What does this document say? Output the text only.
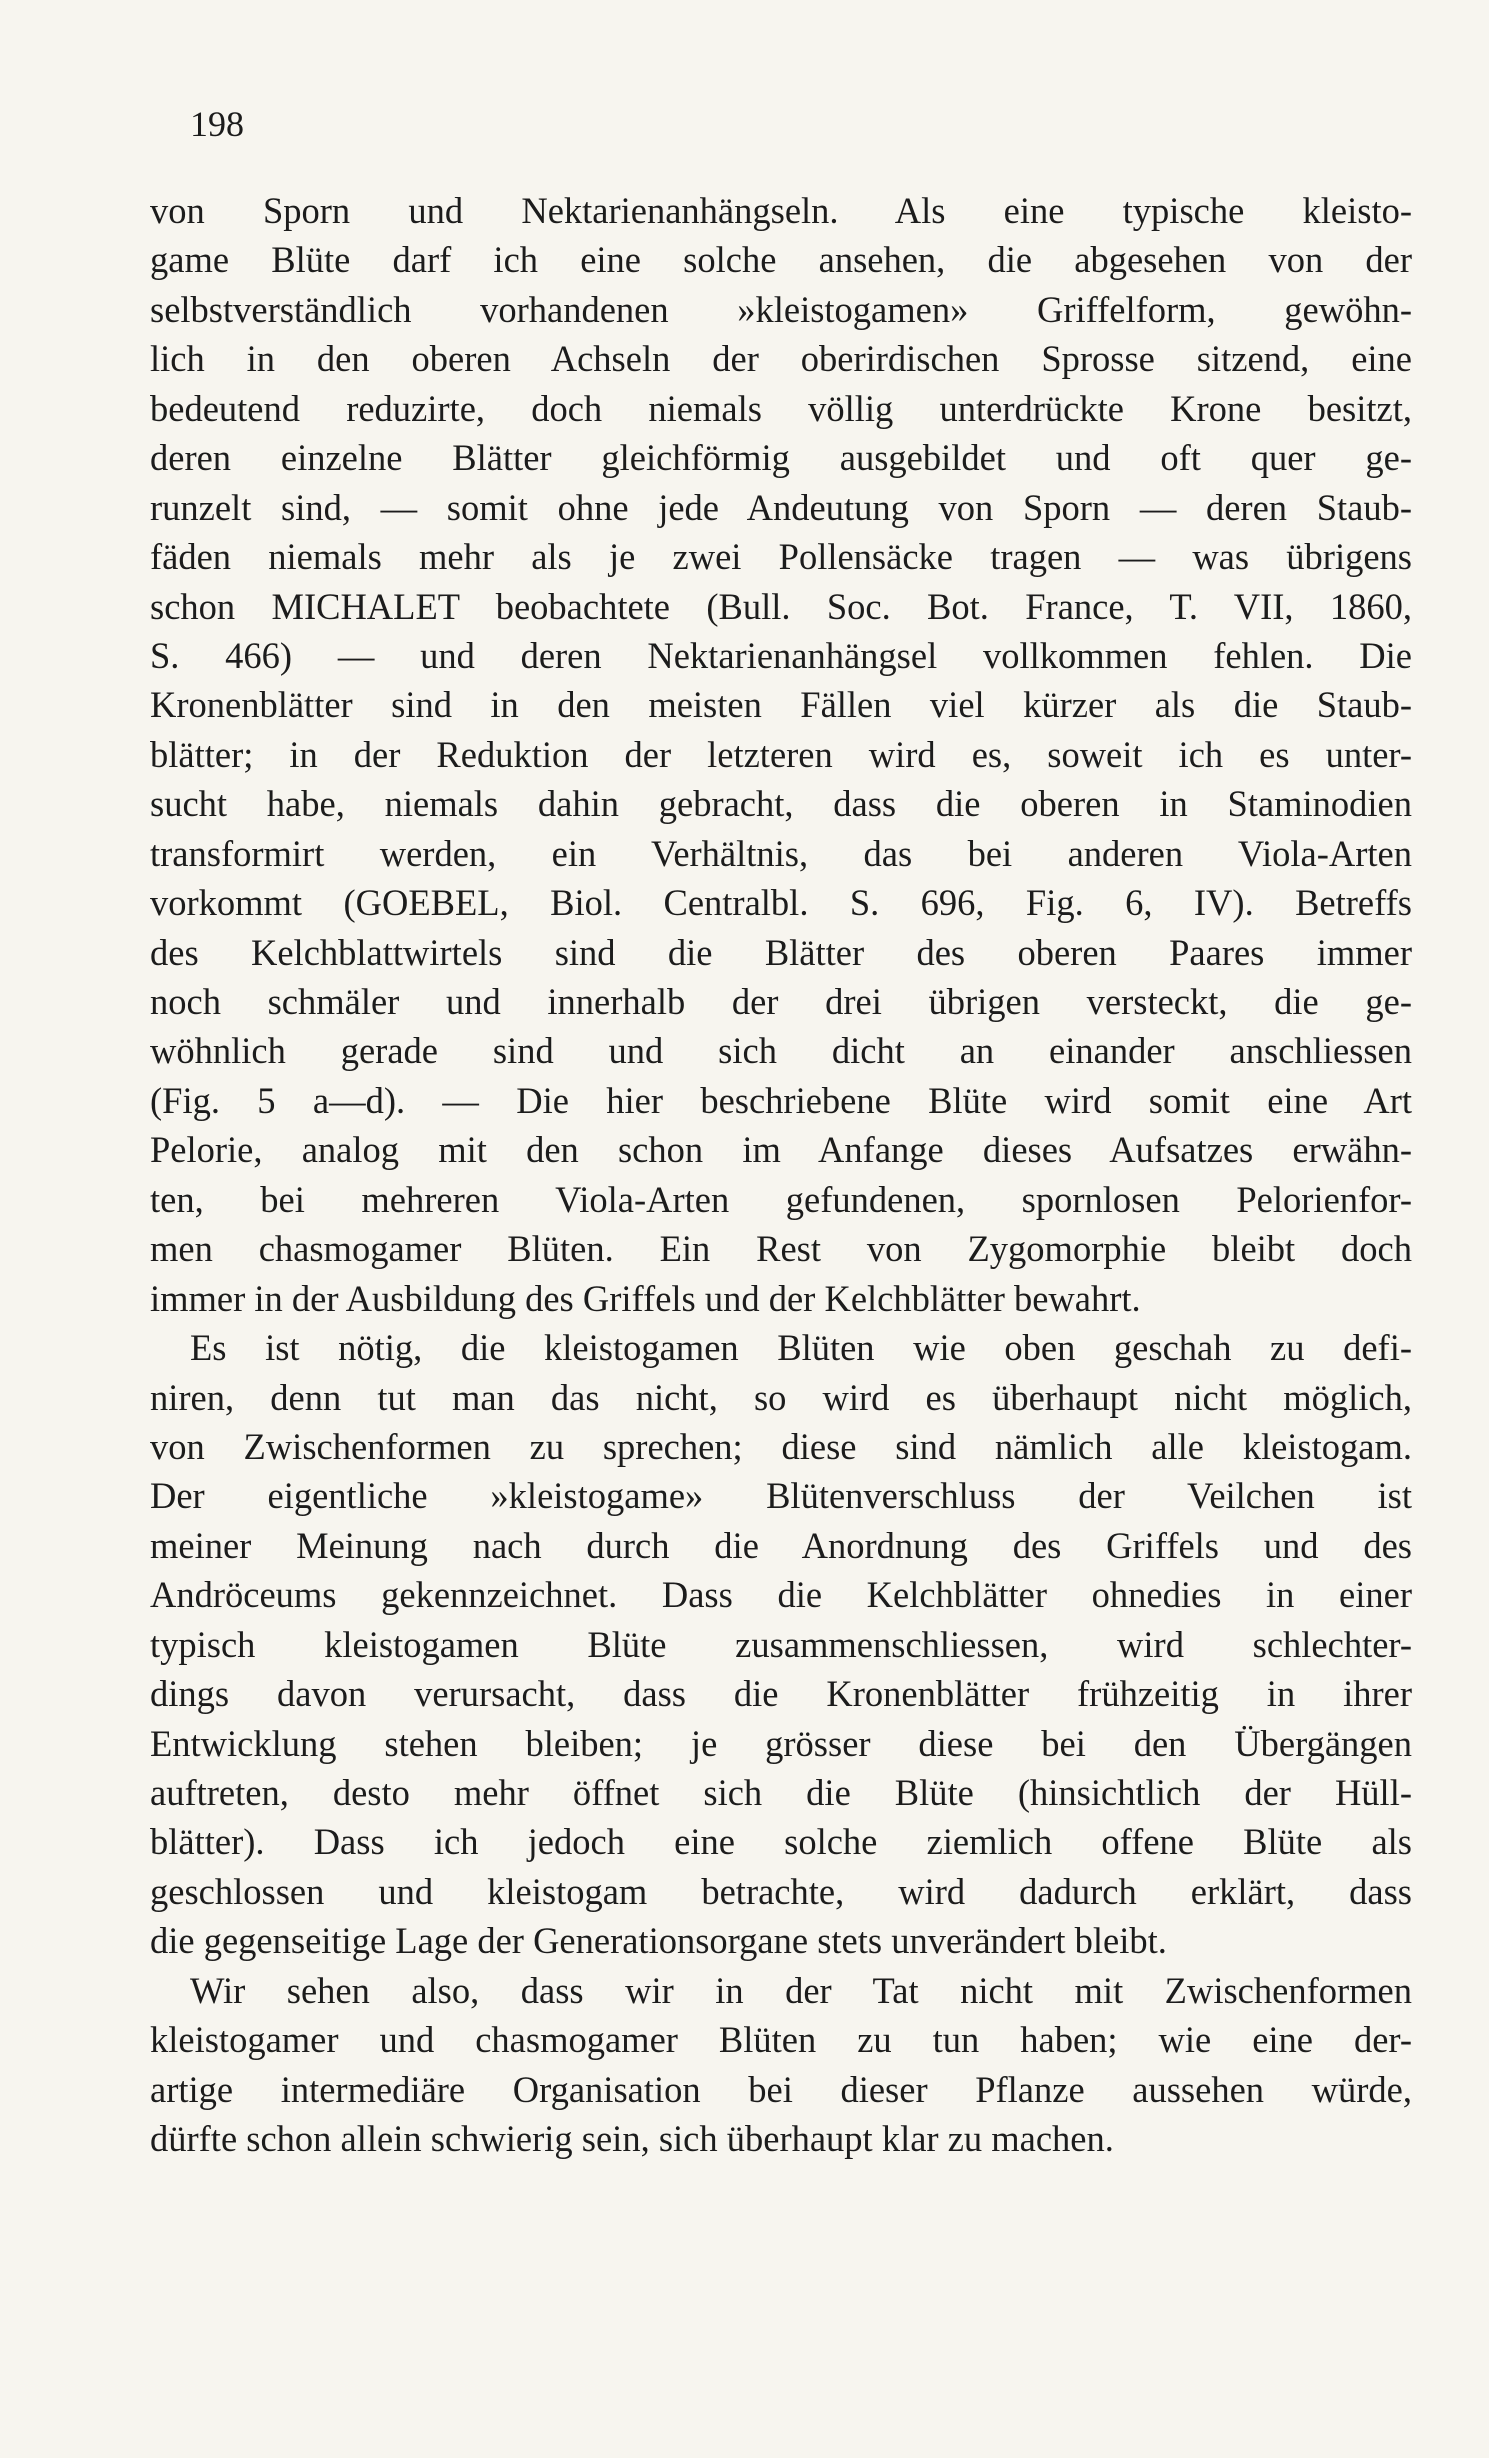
198
von Sporn und Nektarienanhängseln. Als eine typische kleisto-
game Blüte darf ich eine solche ansehen, die abgesehen von der
selbstverständlich vorhandenen »kleistogamen» Griffelform, gewöhn-
lich in den oberen Achseln der oberirdischen Sprosse sitzend, eine
bedeutend reduzirte, doch niemals völlig unterdrückte Krone besitzt,
deren einzelne Blätter gleichförmig ausgebildet und oft quer ge-
runzelt sind, — somit ohne jede Andeutung von Sporn — deren Staub-
fäden niemals mehr als je zwei Pollensäcke tragen — was übrigens
schon MICHALET beobachtete (Bull. Soc. Bot. France, T. VII, 1860,
S. 466) — und deren Nektarienanhängsel vollkommen fehlen. Die
Kronenblätter sind in den meisten Fällen viel kürzer als die Staub-
blätter; in der Reduktion der letzteren wird es, soweit ich es unter-
sucht habe, niemals dahin gebracht, dass die oberen in Staminodien
transformirt werden, ein Verhältnis, das bei anderen Viola-Arten
vorkommt (GOEBEL, Biol. Centralbl. S. 696, Fig. 6, IV). Betreffs
des Kelchblattwirtels sind die Blätter des oberen Paares immer
noch schmäler und innerhalb der drei übrigen versteckt, die ge-
wöhnlich gerade sind und sich dicht an einander anschliessen
(Fig. 5 a—d). — Die hier beschriebene Blüte wird somit eine Art
Pelorie, analog mit den schon im Anfange dieses Aufsatzes erwähn-
ten, bei mehreren Viola-Arten gefundenen, spornlosen Pelorienfor-
men chasmogamer Blüten. Ein Rest von Zygomorphie bleibt doch
immer in der Ausbildung des Griffels und der Kelchblätter bewahrt.
Es ist nötig, die kleistogamen Blüten wie oben geschah zu defi-
niren, denn tut man das nicht, so wird es überhaupt nicht möglich,
von Zwischenformen zu sprechen; diese sind nämlich alle kleistogam.
Der eigentliche »kleistogame» Blütenverschluss der Veilchen ist
meiner Meinung nach durch die Anordnung des Griffels und des
Andröceums gekennzeichnet. Dass die Kelchblätter ohnedies in einer
typisch kleistogamen Blüte zusammenschliessen, wird schlechter-
dings davon verursacht, dass die Kronenblätter frühzeitig in ihrer
Entwicklung stehen bleiben; je grösser diese bei den Übergängen
auftreten, desto mehr öffnet sich die Blüte (hinsichtlich der Hüll-
blätter). Dass ich jedoch eine solche ziemlich offene Blüte als
geschlossen und kleistogam betrachte, wird dadurch erklärt, dass
die gegenseitige Lage der Generationsorgane stets unverändert bleibt.
Wir sehen also, dass wir in der Tat nicht mit Zwischenformen
kleistogamer und chasmogamer Blüten zu tun haben; wie eine der-
artige intermediäre Organisation bei dieser Pflanze aussehen würde,
dürfte schon allein schwierig sein, sich überhaupt klar zu machen.
